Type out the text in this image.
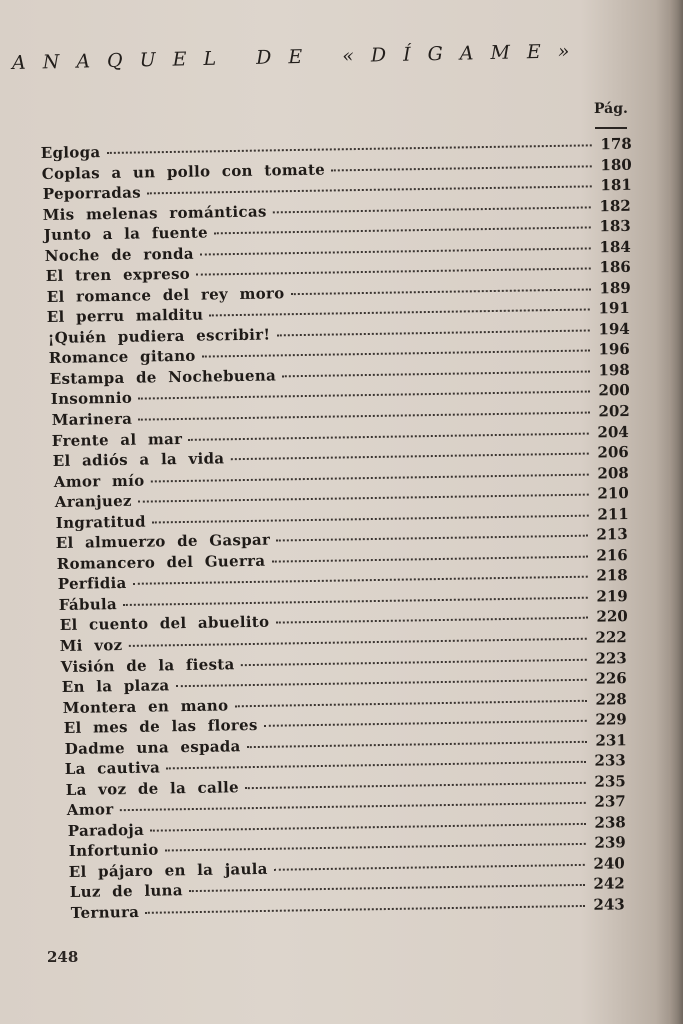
ANAQUEL DE «DÍGAME»
Pág.
Egloga	178
Coplas a un pollo con tomate	180
Peporradas	181
Mis melenas románticas	182
Junto a la fuente	183
Noche de ronda	184
El tren expreso	186
El romance del rey moro	189
El perru malditu	191
¡Quién pudiera escribir!	194
Romance gitano	196
Estampa de Nochebuena	198
Insomnio	200
Marinera	202
Frente al mar	204
El adiós a la vida	206
Amor mío	208
Aranjuez	210
Ingratitud	211
El almuerzo de Gaspar	213
Romancero del Guerra	216
Perfidia	218
Fábula	219
El cuento del abuelito	220
Mi voz	222
Visión de la fiesta	223
En la plaza	226
Montera en mano	228
El mes de las flores	229
Dadme una espada	231
La cautiva	233
La voz de la calle	235
Amor	237
Paradoja	238
Infortunio	239
El pájaro en la jaula	240
Luz de luna	242
Ternura	243
248
